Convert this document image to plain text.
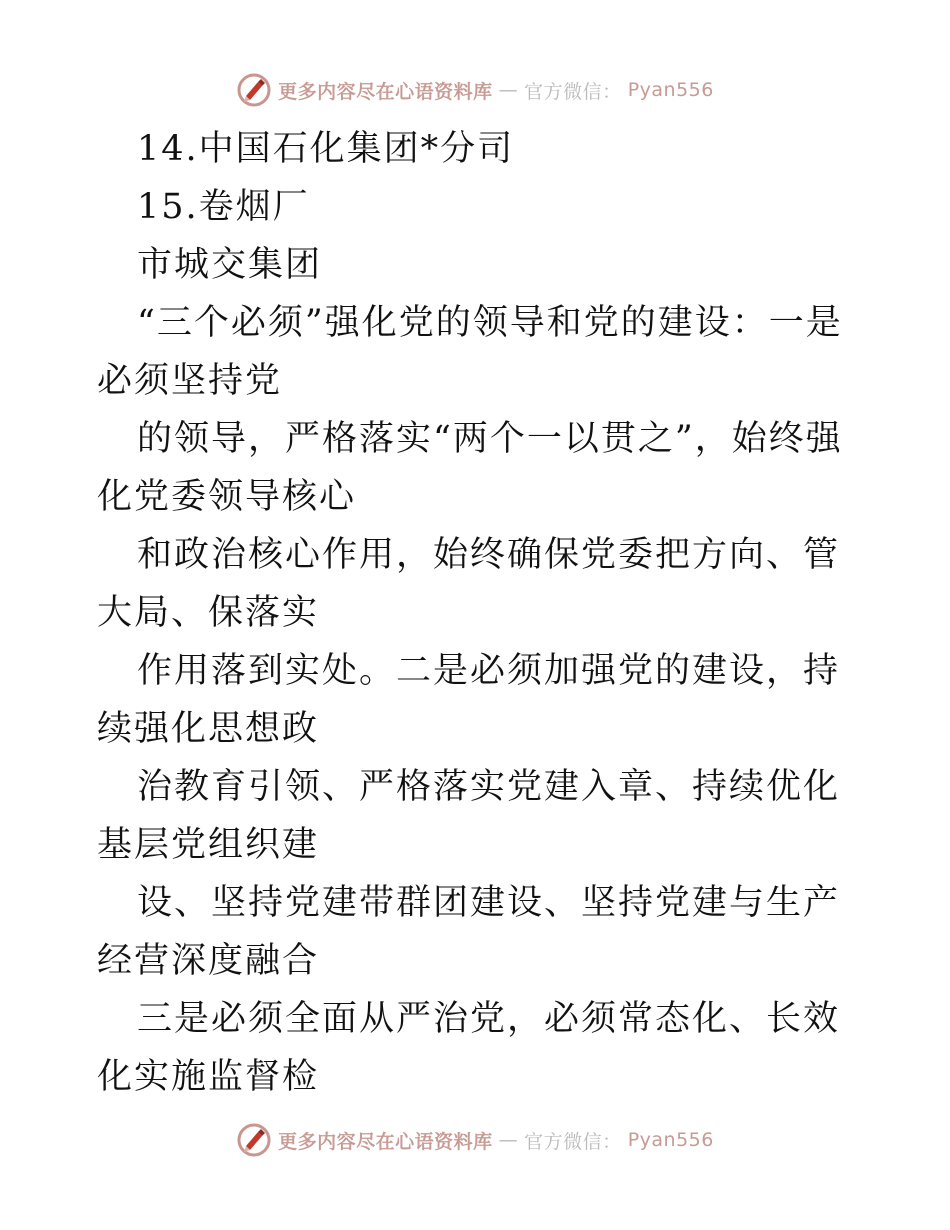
更多内容尽在心语资料库 — 官方微信： Pyan556

14.中国石化集团*分司

15.卷烟厂

市城交集团

“三个必须”强化党的领导和党的建设：一是必须坚持党

的领导，严格落实“两个一以贯之”，始终强化党委领导核心

和政治核心作用，始终确保党委把方向、管大局、保落实

作用落到实处。二是必须加强党的建设，持续强化思想政

治教育引领、严格落实党建入章、持续优化基层党组织建

设、坚持党建带群团建设、坚持党建与生产经营深度融合

三是必须全面从严治党，必须常态化、长效化实施监督检

更多内容尽在心语资料库 — 官方微信： Pyan556
